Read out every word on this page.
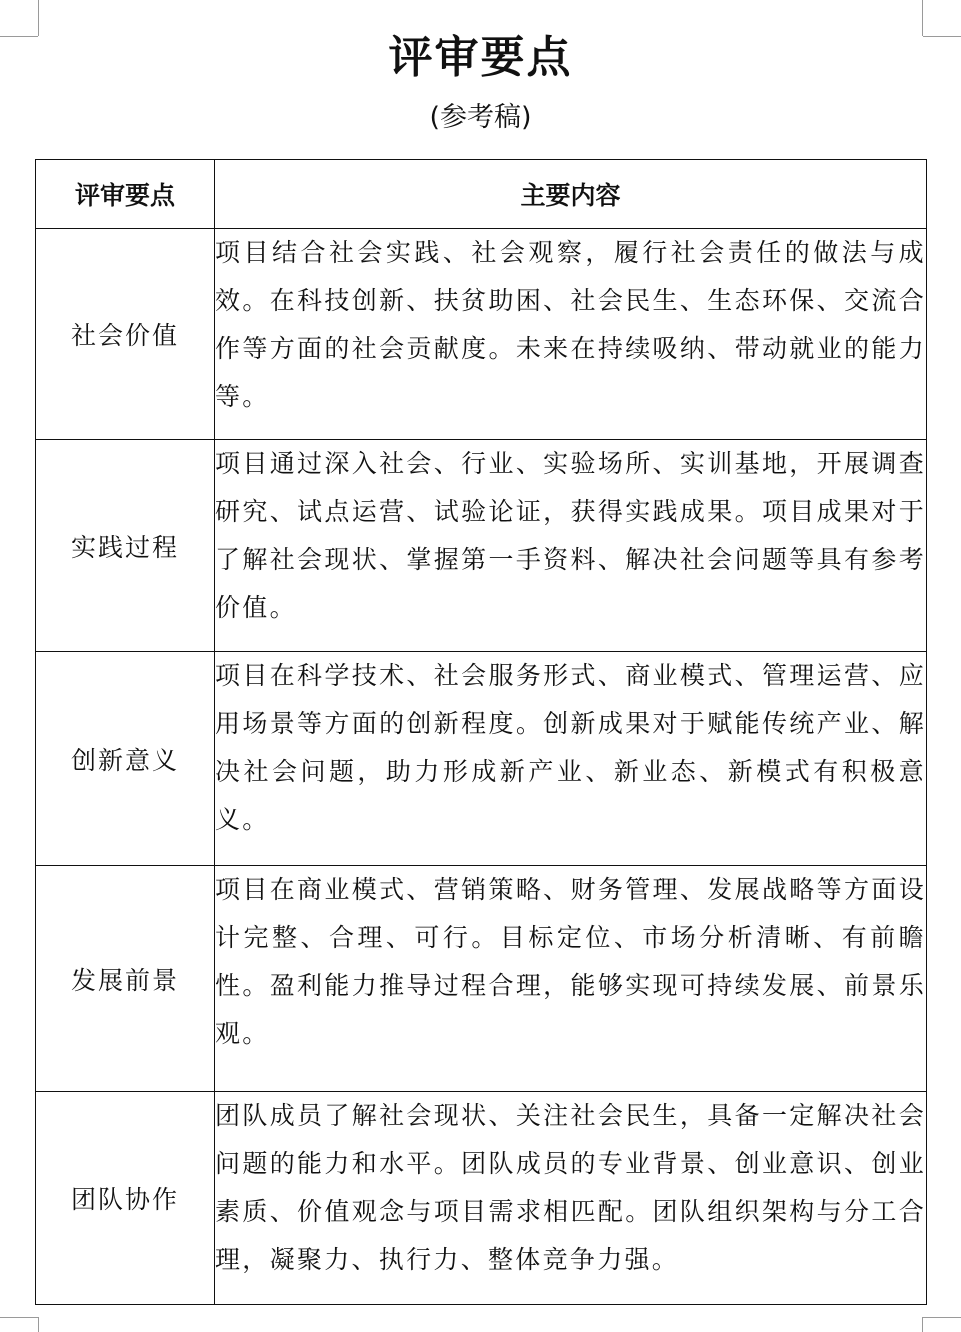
评审要点
(参考稿)
评审要点	主要内容
社会价值	项目结合社会实践、社会观察，履行社会责任的做法与成效。在科技创新、扶贫助困、社会民生、生态环保、交流合作等方面的社会贡献度。未来在持续吸纳、带动就业的能力等。
实践过程	项目通过深入社会、行业、实验场所、实训基地，开展调查研究、试点运营、试验论证，获得实践成果。项目成果对于了解社会现状、掌握第一手资料、解决社会问题等具有参考价值。
创新意义	项目在科学技术、社会服务形式、商业模式、管理运营、应用场景等方面的创新程度。创新成果对于赋能传统产业、解决社会问题，助力形成新产业、新业态、新模式有积极意义。
发展前景	项目在商业模式、营销策略、财务管理、发展战略等方面设计完整、合理、可行。目标定位、市场分析清晰、有前瞻性。盈利能力推导过程合理，能够实现可持续发展、前景乐观。
团队协作	团队成员了解社会现状、关注社会民生，具备一定解决社会问题的能力和水平。团队成员的专业背景、创业意识、创业素质、价值观念与项目需求相匹配。团队组织架构与分工合理，凝聚力、执行力、整体竞争力强。
